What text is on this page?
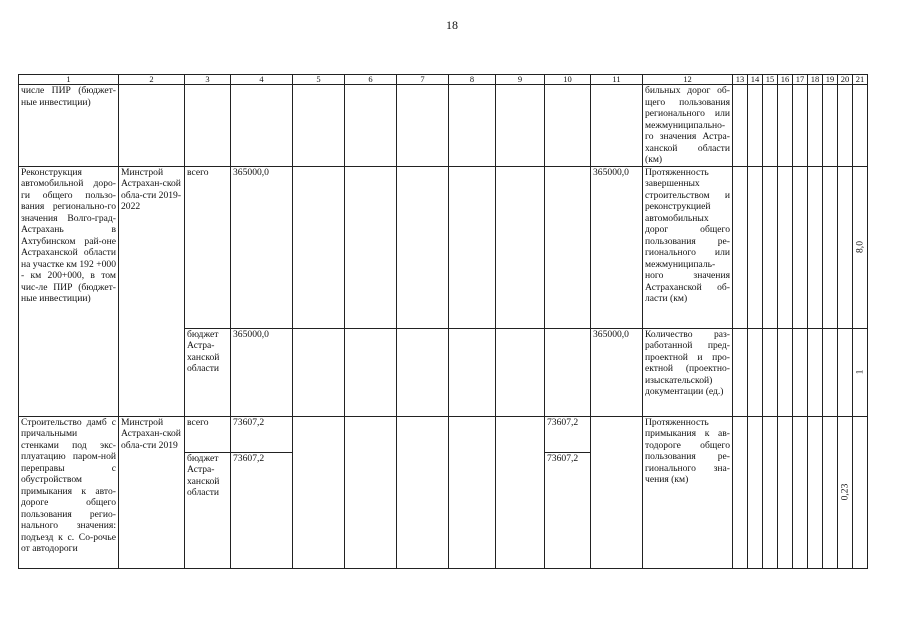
18
1	2	3	4	5	6	7	8	9	10	11	12	13	14	15	16	17	18	19	20	21
числе ПИР (бюджет-ные инвестиции)											бильных дорог об-щего пользования регионального или межмуниципально-го значения Астра-ханской области (км)									
Реконструкция автомобильной доро-ги общего пользо-вания регионально-го значения Волго-град-Астрахань в Ахтубинском рай-оне Астраханской области на участке км 192 +000 - км 200+000, в том чис-ле ПИР (бюджет-ные инвестиции)	Минстрой Астрахан-ской обла-сти 2019-2022	всего	365000,0							365000,0	Протяженность завершенных строительством и реконструкцией автомобильных дорог общего пользования ре-гионального или межмуниципаль-ного значения Астраханской об-ласти (км)									8,0

		бюджет Астра-ханской области	365000,0							365000,0	Количество раз-работанной пред-проектной и про-ектной (проектно-изыскательской) документации (ед.)									1

Строительство дамб с причальными стенками под экс-плуатацию паром-ной переправы с обустройством примыкания к авто-дороге общего пользования регио-нального значения: подъезд к с. Со-рочье от автодороги	Минстрой Астрахан-ской обла-сти 2019	всего	73607,2						73607,2		Протяженность примыкания к ав-тодороге общего пользования ре-гионального зна-чения (км)								0,23	

		бюджет Астра-ханской области	73607,2						73607,2											
